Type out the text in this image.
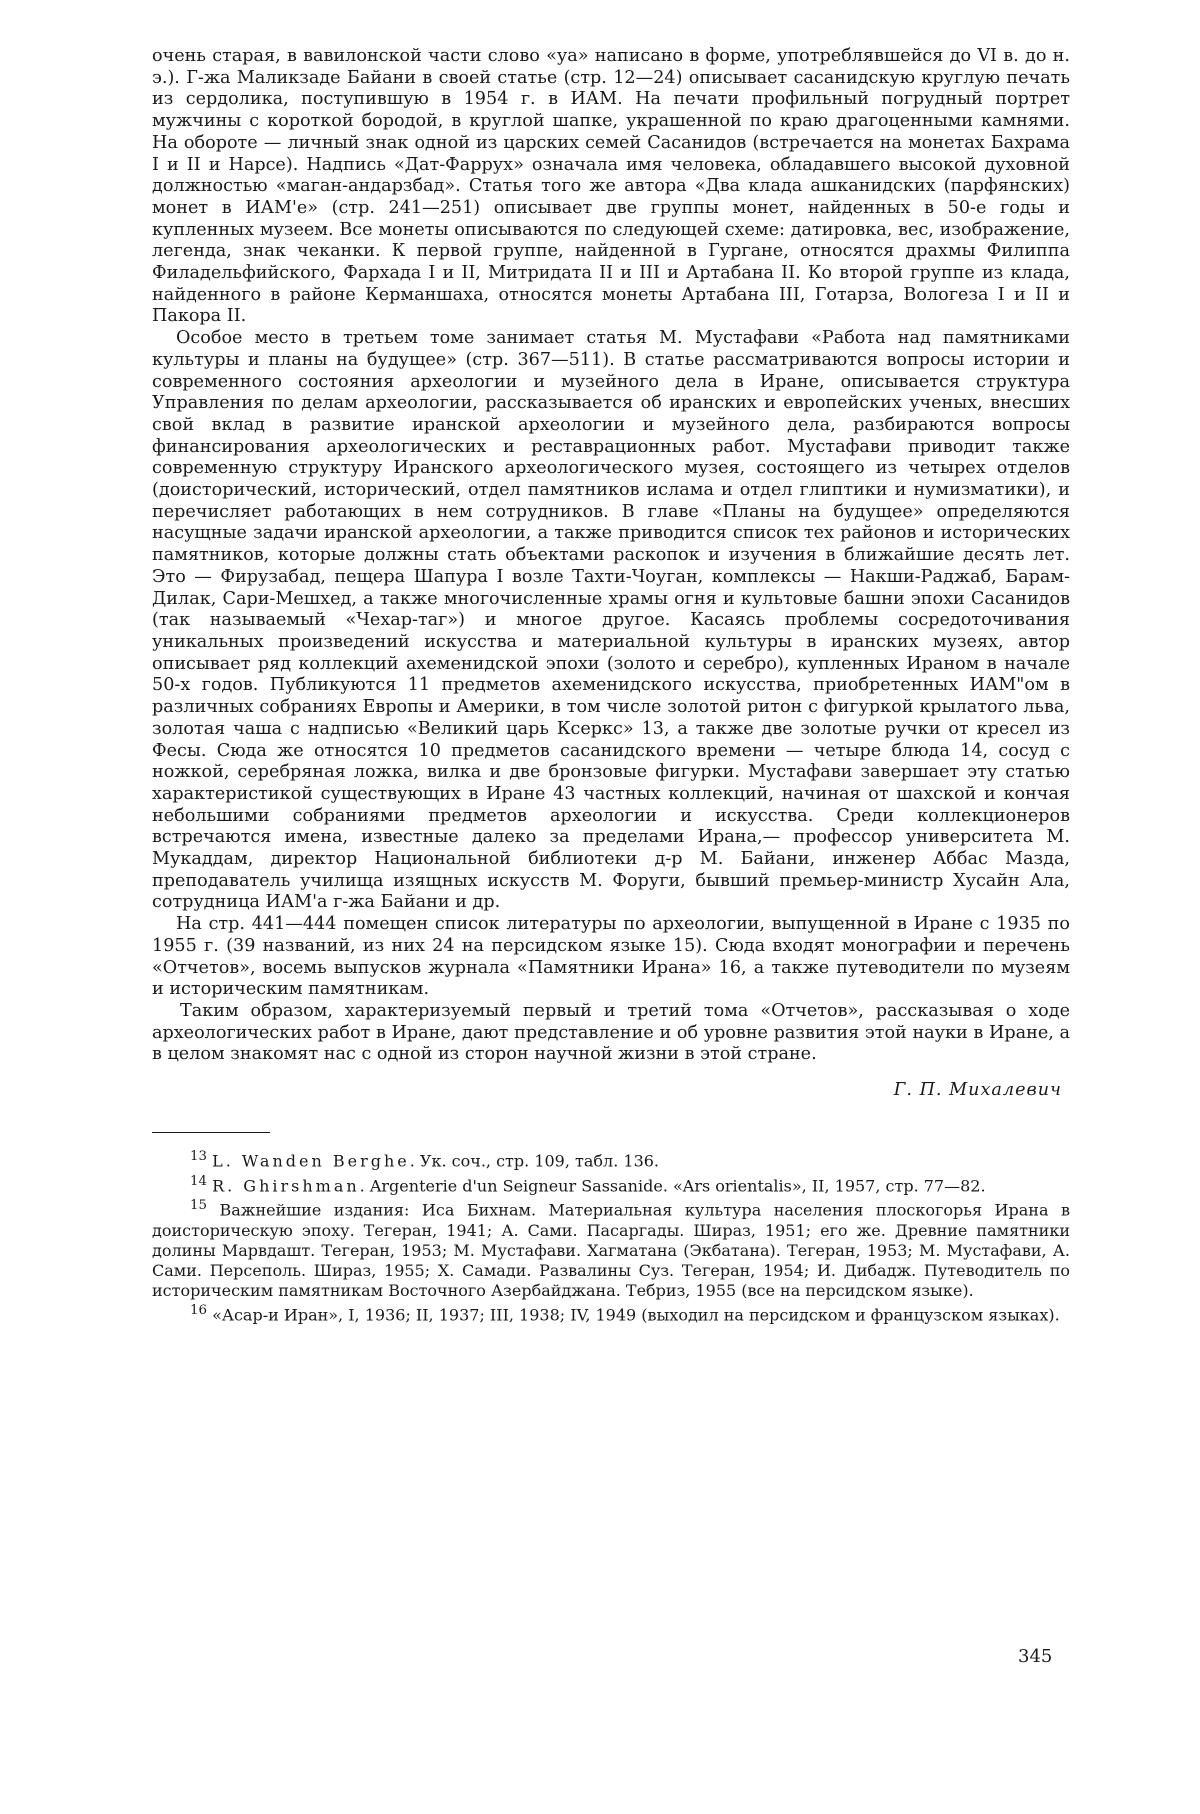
очень старая, в вавилонской части слово «уа» написано в форме, употреблявшейся до VI в. до н. э.). Г-жа Маликзаде Байани в своей статье (стр. 12—24) описывает сасанидскую круглую печать из сердолика, поступившую в 1954 г. в ИАМ. На печати профильный погрудный портрет мужчины с короткой бородой, в круглой шапке, украшенной по краю драгоценными камнями. На обороте — личный знак одной из царских семей Сасанидов (встречается на монетах Бахрама I и II и Нарсе). Надпись «Дат-Фаррух» означала имя человека, обладавшего высокой духовной должностью «маган-андарзбад». Статья того же автора «Два клада ашканидских (парфянских) монет в ИАМ'е» (стр. 241—251) описывает две группы монет, найденных в 50-е годы и купленных музеем. Все монеты описываются по следующей схеме: датировка, вес, изображение, легенда, знак чеканки. К первой группе, найденной в Гургане, относятся драхмы Филиппа Филадельфийского, Фархада I и II, Митридата II и III и Артабана II. Ко второй группе из клада, найденного в районе Керманшаха, относятся монеты Артабана III, Готарза, Вологеза I и II и Пакора II.

Особое место в третьем томе занимает статья М. Мустафави «Работа над памятниками культуры и планы на будущее» (стр. 367—511). В статье рассматриваются вопросы истории и современного состояния археологии и музейного дела в Иране, описывается структура Управления по делам археологии, рассказывается об иранских и европейских ученых, внесших свой вклад в развитие иранской археологии и музейного дела, разбираются вопросы финансирования археологических и реставрационных работ. Мустафави приводит также современную структуру Иранского археологического музея, состоящего из четырех отделов (доисторический, исторический, отдел памятников ислама и отдел глиптики и нумизматики), и перечисляет работающих в нем сотрудников. В главе «Планы на будущее» определяются насущные задачи иранской археологии, а также приводится список тех районов и исторических памятников, которые должны стать объектами раскопок и изучения в ближайшие десять лет. Это — Фирузабад, пещера Шапура I возле Тахти-Чоуган, комплексы — Накши-Раджаб, Барам-Дилак, Сари-Мешхед, а также многочисленные храмы огня и культовые башни эпохи Сасанидов (так называемый «Чехар-таг») и многое другое. Касаясь проблемы сосредоточивания уникальных произведений искусства и материальной культуры в иранских музеях, автор описывает ряд коллекций ахеменидской эпохи (золото и серебро), купленных Ираном в начале 50-х годов. Публикуются 11 предметов ахеменидского искусства, приобретенных ИАМ"ом в различных собраниях Европы и Америки, в том числе золотой ритон с фигуркой крылатого льва, золотая чаша с надписью «Великий царь Ксеркс» 13, а также две золотые ручки от кресел из Фесы. Сюда же относятся 10 предметов сасанидского времени — четыре блюда 14, сосуд с ножкой, серебряная ложка, вилка и две бронзовые фигурки. Мустафави завершает эту статью характеристикой существующих в Иране 43 частных коллекций, начиная от шахской и кончая небольшими собраниями предметов археологии и искусства. Среди коллекционеров встречаются имена, известные далеко за пределами Ирана,— профессор университета М. Мукаддам, директор Национальной библиотеки д-р М. Байани, инженер Аббас Мазда, преподаватель училища изящных искусств М. Форуги, бывший премьер-министр Хусайн Ала, сотрудница ИАМ'а г-жа Байани и др.

На стр. 441—444 помещен список литературы по археологии, выпущенной в Иране с 1935 по 1955 г. (39 названий, из них 24 на персидском языке 15). Сюда входят монографии и перечень «Отчетов», восемь выпусков журнала «Памятники Ирана» 16, а также путеводители по музеям и историческим памятникам.

Таким образом, характеризуемый первый и третий тома «Отчетов», рассказывая о ходе археологических работ в Иране, дают представление и об уровне развития этой науки в Иране, а в целом знакомят нас с одной из сторон научной жизни в этой стране.

Г. П. Михалевич

$^{13}$ L. Wanden Berghe. Ук. соч., стр. 109, табл. 136.

$^{14}$ R. Ghirshman. Argenterie d'un Seigneur Sassanide. «Ars orientalis», II, 1957, стр. 77—82.

$^{15}$ Важнейшие издания: Иса Бихнам. Материальная культура населения плоскогорья Ирана в доисторическую эпоху. Тегеран, 1941; А. Сами. Пасаргады. Шираз, 1951; его же. Древние памятники долины Марвдашт. Тегеран, 1953; М. Мустафави. Хагматана (Экбатана). Тегеран, 1953; М. Мустафави, А. Сами. Персеполь. Шираз, 1955; Х. Самади. Развалины Суз. Тегеран, 1954; И. Дибадж. Путеводитель по историческим памятникам Восточного Азербайджана. Тебриз, 1955 (все на персидском языке).

$^{16}$ «Асар-и Иран», I, 1936; II, 1937; III, 1938; IV, 1949 (выходил на персидском и французском языках).

345
